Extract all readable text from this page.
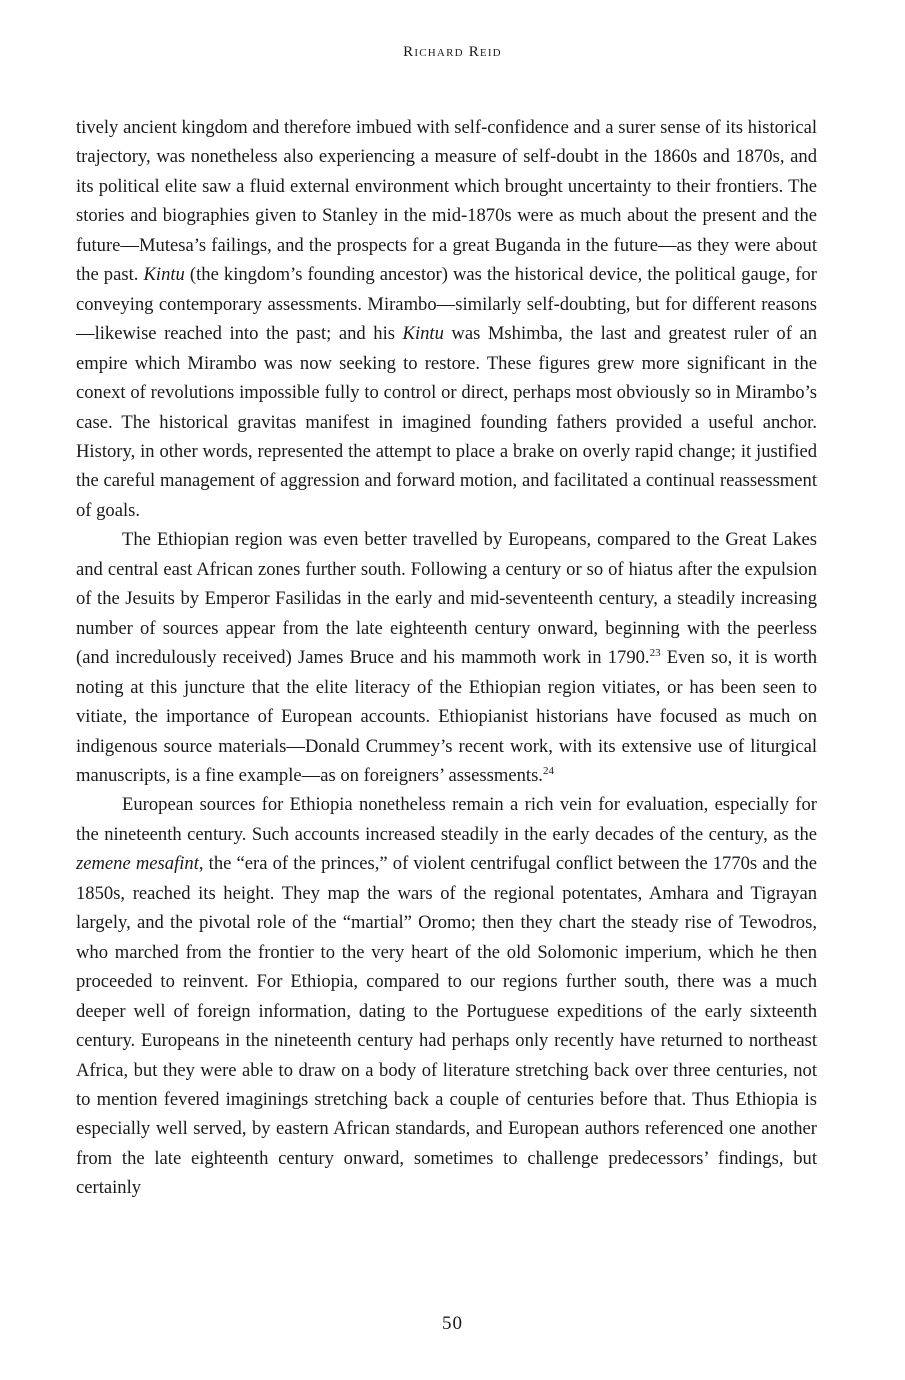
Richard Reid

tively ancient kingdom and therefore imbued with self-confidence and a surer sense of its historical trajectory, was nonetheless also experiencing a measure of self-doubt in the 1860s and 1870s, and its political elite saw a fluid external environment which brought uncertainty to their frontiers. The stories and biographies given to Stanley in the mid-1870s were as much about the present and the future—Mutesa’s failings, and the prospects for a great Buganda in the future—as they were about the past. Kintu (the kingdom’s founding ancestor) was the historical device, the political gauge, for conveying contemporary assessments. Mirambo—similarly self-doubting, but for different reasons—likewise reached into the past; and his Kintu was Mshimba, the last and greatest ruler of an empire which Mirambo was now seeking to restore. These figures grew more significant in the conext of revolutions impossible fully to control or direct, perhaps most obviously so in Mirambo’s case. The historical gravitas manifest in imagined founding fathers provided a useful anchor. History, in other words, represented the attempt to place a brake on overly rapid change; it justified the careful management of aggression and forward motion, and facilitated a continual reassessment of goals.

The Ethiopian region was even better travelled by Europeans, compared to the Great Lakes and central east African zones further south. Following a century or so of hiatus after the expulsion of the Jesuits by Emperor Fasilidas in the early and mid-seventeenth century, a steadily increasing number of sources appear from the late eighteenth century onward, beginning with the peerless (and incredulously received) James Bruce and his mammoth work in 1790.23 Even so, it is worth noting at this juncture that the elite literacy of the Ethiopian region vitiates, or has been seen to vitiate, the importance of European accounts. Ethiopianist historians have focused as much on indigenous source materials—Donald Crummey’s recent work, with its extensive use of liturgical manuscripts, is a fine example—as on foreigners’ assessments.$^{24}$

European sources for Ethiopia nonetheless remain a rich vein for evaluation, especially for the nineteenth century. Such accounts increased steadily in the early decades of the century, as the zemene mesafint, the “era of the princes,” of violent centrifugal conflict between the 1770s and the 1850s, reached its height. They map the wars of the regional potentates, Amhara and Tigrayan largely, and the pivotal role of the “martial” Oromo; then they chart the steady rise of Tewodros, who marched from the frontier to the very heart of the old Solomonic imperium, which he then proceeded to reinvent. For Ethiopia, compared to our regions further south, there was a much deeper well of foreign information, dating to the Portuguese expeditions of the early sixteenth century. Europeans in the nineteenth century had perhaps only recently have returned to northeast Africa, but they were able to draw on a body of literature stretching back over three centuries, not to mention fevered imaginings stretching back a couple of centuries before that. Thus Ethiopia is especially well served, by eastern African standards, and European authors referenced one another from the late eighteenth century onward, sometimes to challenge predecessors’ findings, but certainly

50
